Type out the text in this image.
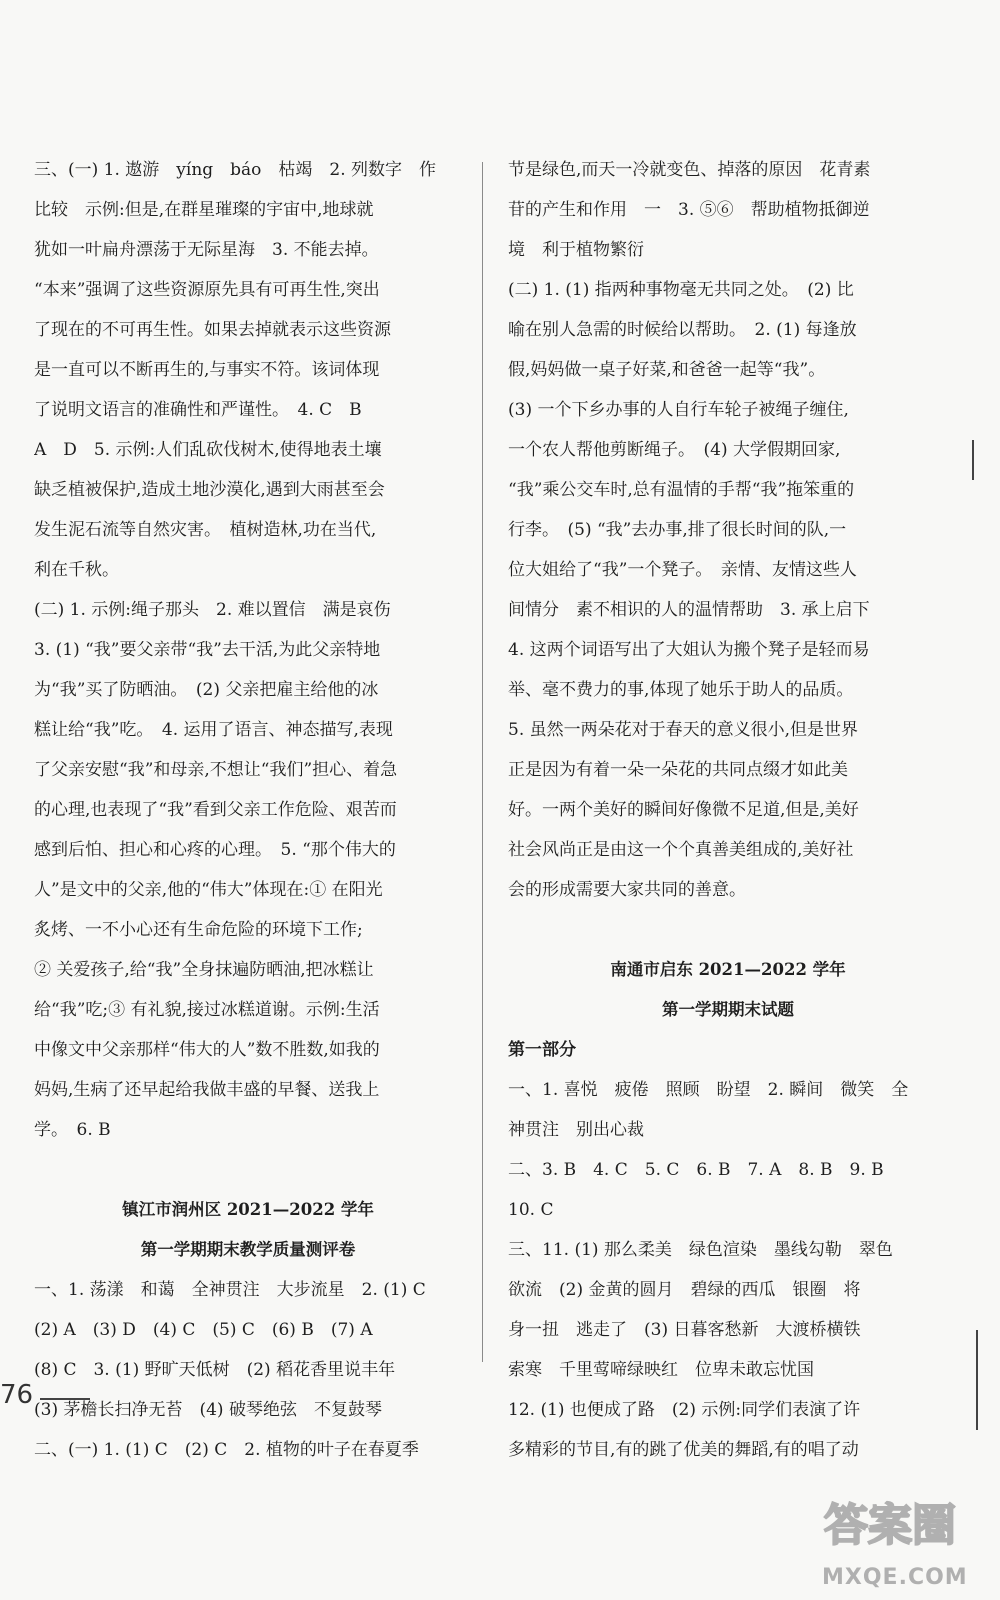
三、(一) 1. 遨游　yíng　báo　枯竭　2. 列数字　作
比较　示例:但是,在群星璀璨的宇宙中,地球就
犹如一叶扁舟漂荡于无际星海　3. 不能去掉。
“本来”强调了这些资源原先具有可再生性,突出
了现在的不可再生性。如果去掉就表示这些资源
是一直可以不断再生的,与事实不符。该词体现
了说明文语言的准确性和严谨性。　4. C　B
A　D　5. 示例:人们乱砍伐树木,使得地表土壤
缺乏植被保护,造成土地沙漠化,遇到大雨甚至会
发生泥石流等自然灾害。　植树造林,功在当代,
利在千秋。
(二) 1. 示例:绳子那头　2. 难以置信　满是哀伤
3. (1) “我”要父亲带“我”去干活,为此父亲特地
为“我”买了防晒油。　(2) 父亲把雇主给他的冰
糕让给“我”吃。　4. 运用了语言、神态描写,表现
了父亲安慰“我”和母亲,不想让“我们”担心、着急
的心理,也表现了“我”看到父亲工作危险、艰苦而
感到后怕、担心和心疼的心理。　5. “那个伟大的
人”是文中的父亲,他的“伟大”体现在:① 在阳光
炙烤、一不小心还有生命危险的环境下工作;
② 关爱孩子,给“我”全身抹遍防晒油,把冰糕让
给“我”吃;③ 有礼貌,接过冰糕道谢。示例:生活
中像文中父亲那样“伟大的人”数不胜数,如我的
妈妈,生病了还早起给我做丰盛的早餐、送我上
学。　6. B
镇江市润州区 2021—2022 学年
第一学期期末教学质量测评卷
一、1. 荡漾　和蔼　全神贯注　大步流星　2. (1) C
(2) A　(3) D　(4) C　(5) C　(6) B　(7) A
(8) C　3. (1) 野旷天低树　(2) 稻花香里说丰年
(3) 茅檐长扫净无苔　(4) 破琴绝弦　不复鼓琴
二、(一) 1. (1) C　(2) C　2. 植物的叶子在春夏季
节是绿色,而天一冷就变色、掉落的原因　花青素
苷的产生和作用　一　3. ⑤⑥　帮助植物抵御逆
境　利于植物繁衍
(二) 1. (1) 指两种事物毫无共同之处。　(2) 比
喻在别人急需的时候给以帮助。　2. (1) 每逢放
假,妈妈做一桌子好菜,和爸爸一起等“我”。
(3) 一个下乡办事的人自行车轮子被绳子缠住,
一个农人帮他剪断绳子。　(4) 大学假期回家,
“我”乘公交车时,总有温情的手帮“我”拖笨重的
行李。　(5) “我”去办事,排了很长时间的队,一
位大姐给了“我”一个凳子。　亲情、友情这些人
间情分　素不相识的人的温情帮助　3. 承上启下
4. 这两个词语写出了大姐认为搬个凳子是轻而易
举、毫不费力的事,体现了她乐于助人的品质。
5. 虽然一两朵花对于春天的意义很小,但是世界
正是因为有着一朵一朵花的共同点缀才如此美
好。一两个美好的瞬间好像微不足道,但是,美好
社会风尚正是由这一个个真善美组成的,美好社
会的形成需要大家共同的善意。
南通市启东 2021—2022 学年
第一学期期末试题
第一部分
一、1. 喜悦　疲倦　照顾　盼望　2. 瞬间　微笑　全
神贯注　别出心裁
二、3. B　4. C　5. C　6. B　7. A　8. B　9. B
10. C
三、11. (1) 那么柔美　绿色渲染　墨线勾勒　翠色
欲流　(2) 金黄的圆月　碧绿的西瓜　银圈　将
身一扭　逃走了　(3) 日暮客愁新　大渡桥横铁
索寒　千里莺啼绿映红　位卑未敢忘忧国
12. (1) 也便成了路　(2) 示例:同学们表演了许
多精彩的节目,有的跳了优美的舞蹈,有的唱了动
76
答案圈
MXQE.COM
